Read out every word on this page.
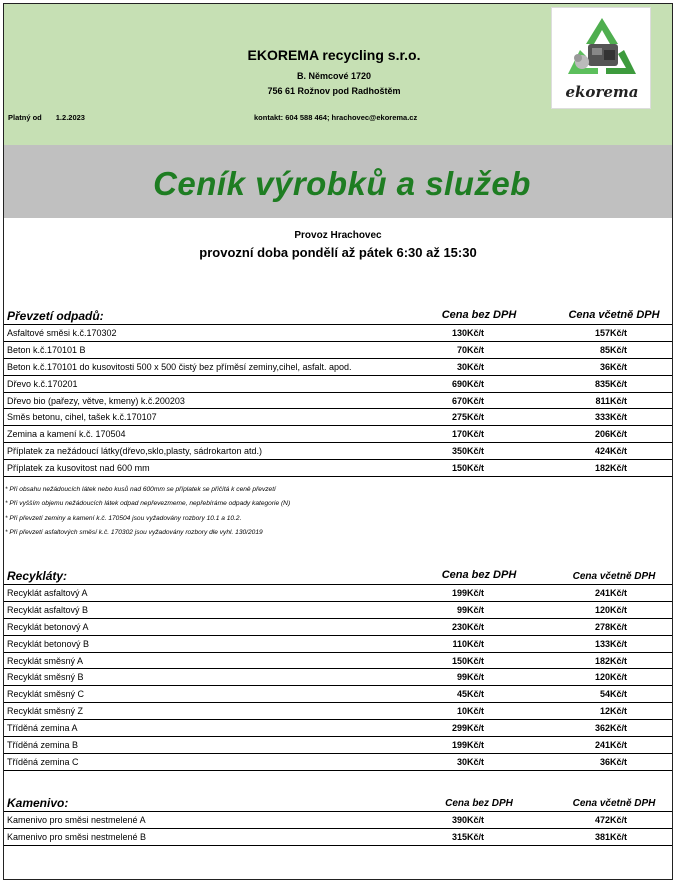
EKOREMA recycling s.r.o.
B. Němcové 1720
756 61 Rožnov pod Radhoštěm
Platný od 1.2.2023	kontakt: 604 588 464; hrachovec@ekorema.cz
ekorema
Ceník výrobků a služeb
Provoz Hrachovec
provozní doba pondělí až pátek 6:30 až 15:30
Převzetí odpadů:	Cena bez DPH	Cena včetně DPH
Asfaltové směsi k.č.170302	130Kč/t	157Kč/t
Beton k.č.170101 B	70Kč/t	85Kč/t
Beton k.č.170101 do kusovitosti 500 x 500 čistý bez příměsí zeminy,cihel, asfalt. apod.	30Kč/t	36Kč/t
Dřevo k.č.170201	690Kč/t	835Kč/t
Dřevo bio (pařezy, větve, kmeny) k.č.200203	670Kč/t	811Kč/t
Směs betonu, cihel, tašek k.č.170107	275Kč/t	333Kč/t
Zemina a kamení k.č. 170504	170Kč/t	206Kč/t
Příplatek za nežádoucí látky(dřevo,sklo,plasty, sádrokarton atd.)	350Kč/t	424Kč/t
Příplatek za kusovitost nad 600 mm	150Kč/t	182Kč/t
* Při obsahu nežádoucích látek nebo kusů nad 600mm se příplatek se přičítá k ceně převzetí
* Při vyšším objemu nežádoucích látek odpad nepřevezmeme, nepřebíráme odpady kategorie (N)
* Při převzetí zeminy a kamení k.č. 170504 jsou vyžadovány rozbory 10.1 a 10.2.
* Při převzetí asfaltových směsí k.č. 170302 jsou vyžadovány rozbory dle vyhl. 130/2019
Recykláty:	Cena bez DPH	Cena včetně DPH
Recyklát asfaltový A	199Kč/t	241Kč/t
Recyklát asfaltový B	99Kč/t	120Kč/t
Recyklát betonový A	230Kč/t	278Kč/t
Recyklát betonový B	110Kč/t	133Kč/t
Recyklát směsný A	150Kč/t	182Kč/t
Recyklát směsný B	99Kč/t	120Kč/t
Recyklát směsný C	45Kč/t	54Kč/t
Recyklát směsný Z	10Kč/t	12Kč/t
Tříděná zemina A	299Kč/t	362Kč/t
Tříděná zemina B	199Kč/t	241Kč/t
Tříděná zemina C	30Kč/t	36Kč/t
Kamenivo:	Cena bez DPH	Cena včetně DPH
Kamenivo pro směsi nestmelené A	390Kč/t	472Kč/t
Kamenivo pro směsi nestmelené B	315Kč/t	381Kč/t
